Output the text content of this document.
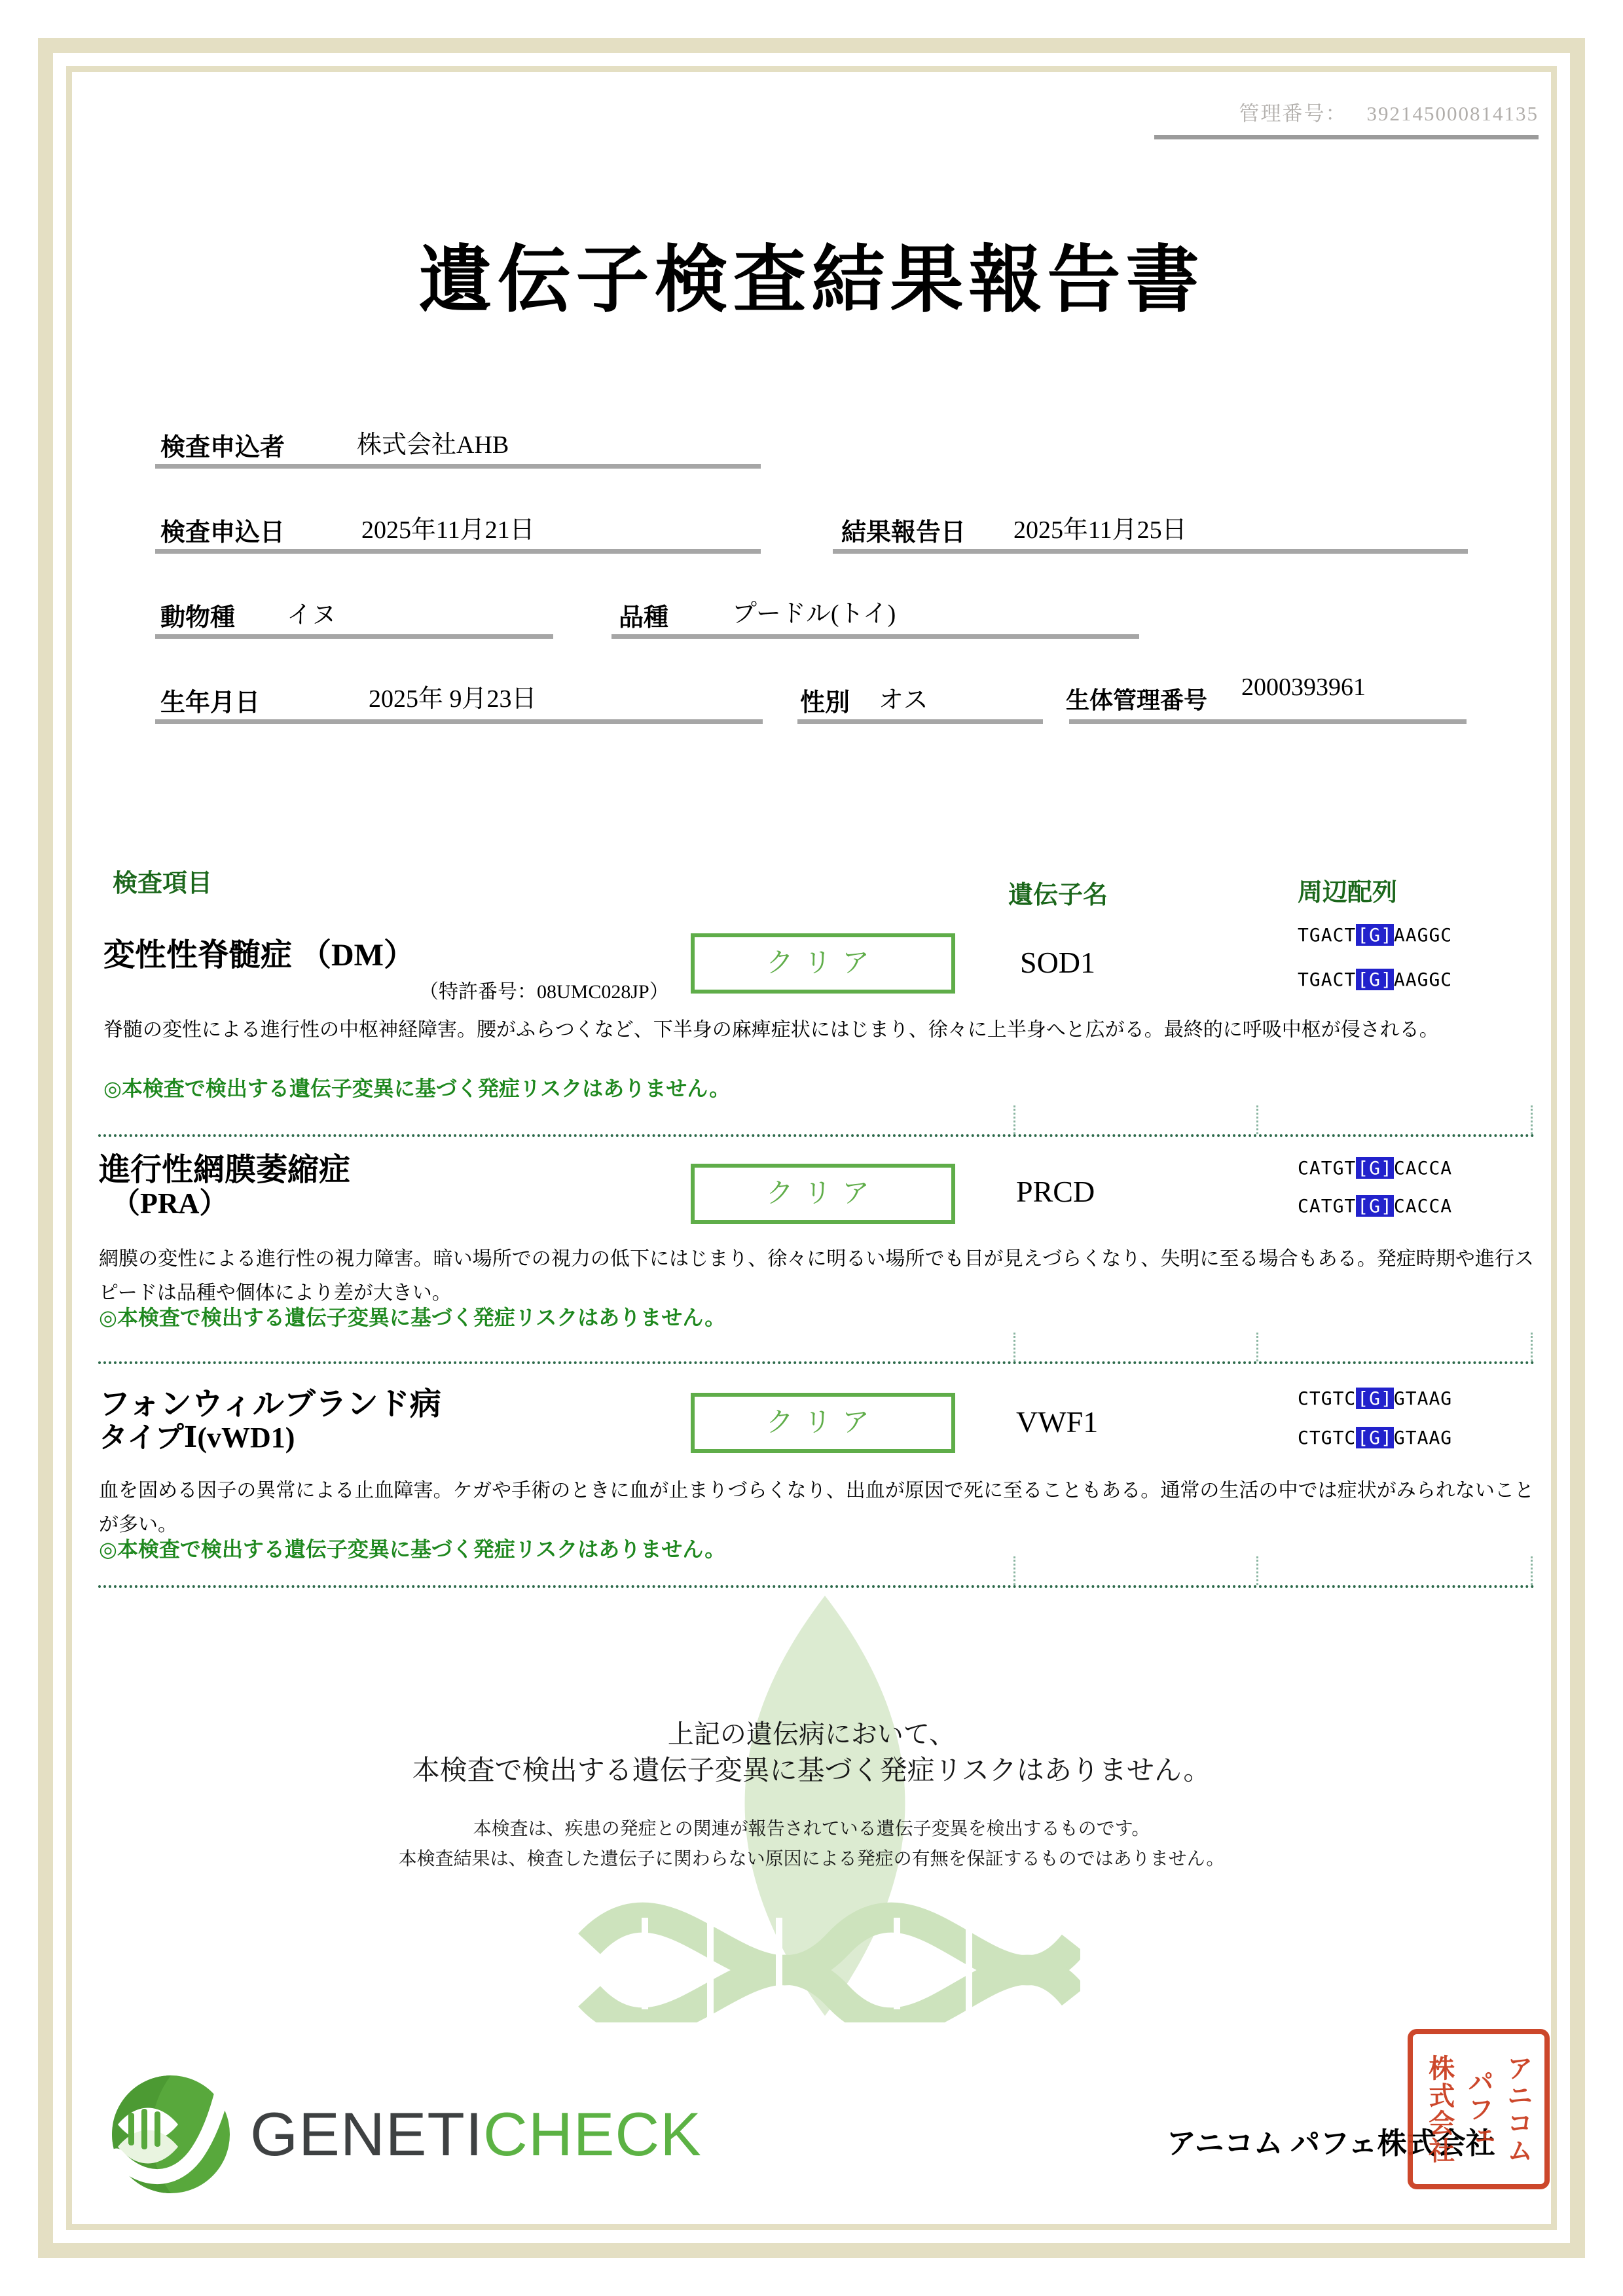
管理番号： 392145000814135
遺伝子検査結果報告書
検査申込者	株式会社AHB
検査申込日	2025年11月21日	結果報告日 2025年11月25日
動物種 イヌ	品種	プードル(トイ)
生年月日	2025年 9月23日	性別 オス	生体管理番号 2000393961
検査項目	遺伝子名	周辺配列
変性性脊髄症 （DM）
（特許番号：08UMC028JP）
クリア	SOD1
TGACT[G]AAGGC
TGACT[G]AAGGC
脊髄の変性による進行性の中枢神経障害。腰がふらつくなど、下半身の麻痺症状にはじまり、徐々に上半身へと広がる。最終的に呼吸中枢が侵される。
◎本検査で検出する遺伝子変異に基づく発症リスクはありません。
進行性網膜萎縮症
（PRA）	クリア	PRCD
CATGT[G]CACCA
CATGT[G]CACCA
網膜の変性による進行性の視力障害。暗い場所での視力の低下にはじまり、徐々に明るい場所でも目が見えづらくなり、失明に至る場合もある。発症時期や進行スピードは品種や個体により差が大きい。
◎本検査で検出する遺伝子変異に基づく発症リスクはありません。
フォンウィルブランド病
タイプⅠ(vWD1)	クリア	VWF1
CTGTC[G]GTAAG
CTGTC[G]GTAAG
血を固める因子の異常による止血障害。ケガや手術のときに血が止まりづらくなり、出血が原因で死に至ることもある。通常の生活の中では症状がみられないことが多い。
◎本検査で検出する遺伝子変異に基づく発症リスクはありません。
上記の遺伝病において、
本検査で検出する遺伝子変異に基づく発症リスクはありません。
本検査は、疾患の発症との関連が報告されている遺伝子変異を検出するものです。
本検査結果は、検査した遺伝子に関わらない原因による発症の有無を保証するものではありません。
GENETICHECK	アニコム パフェ株式会社 アニコム
パフェ
株式会社
